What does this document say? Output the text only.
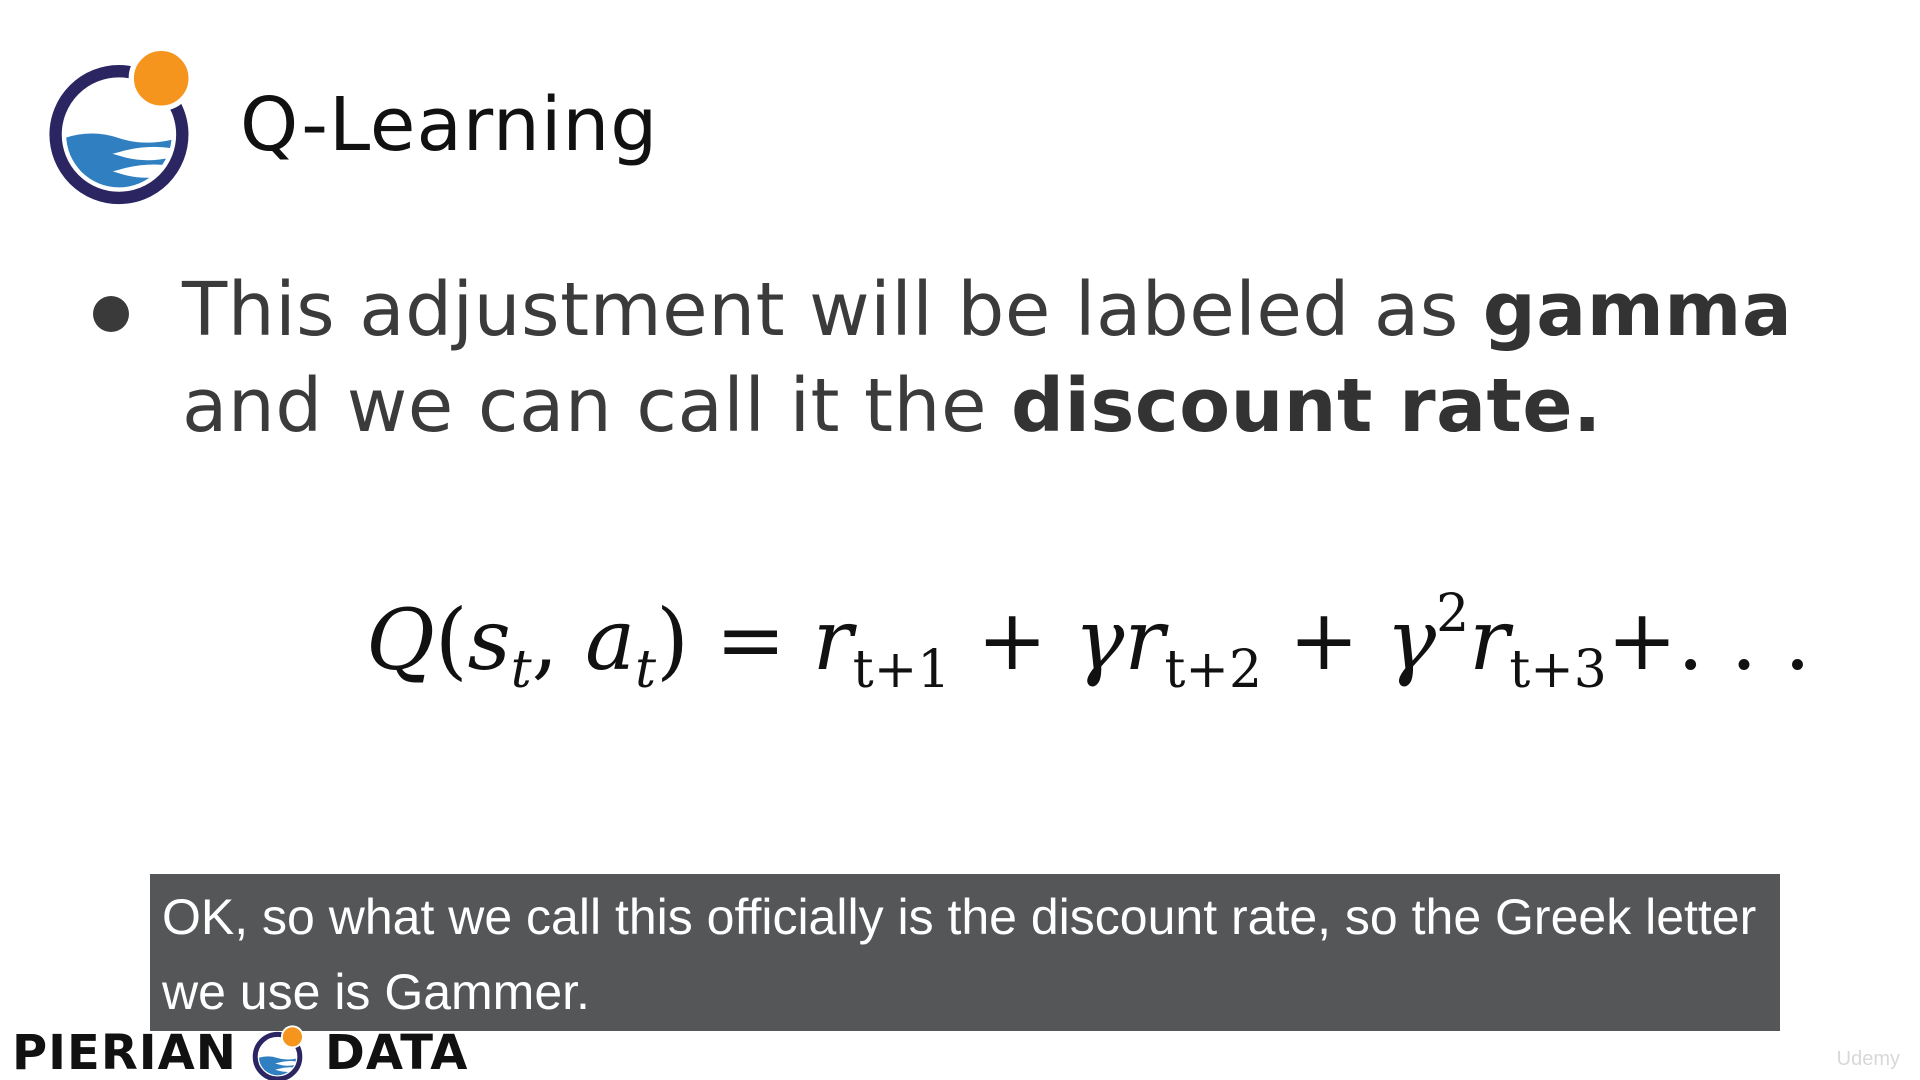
Q-Learning
This adjustment will be labeled as gamma and we can call it the discount rate.
$Q(s_t$, $a_t) = r_{t+1} + \gamma r_{t+2} + \gamma^2r_{t+3}+$. . .
OK, so what we call this officially is the discount rate, so the Greek letter we use is Gammer.
PIERIAN DATA	Udemy
